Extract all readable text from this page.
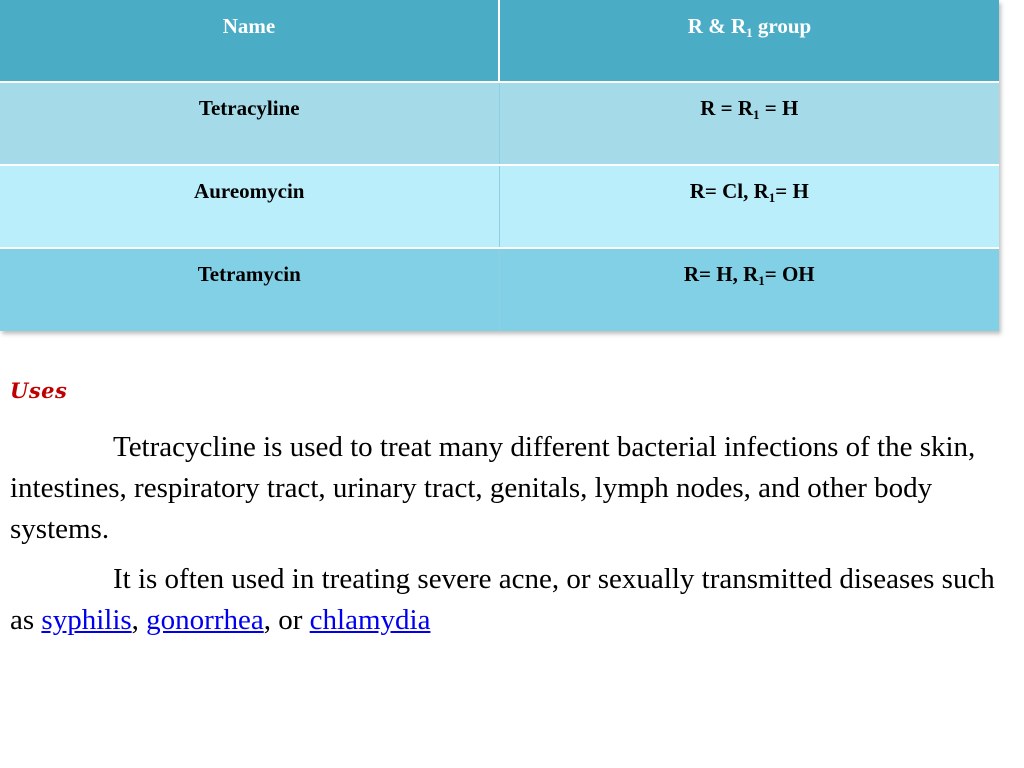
Name	R & $R_1$ group
Tetracyline	$R = R_1 = H$
Aureomycin	R= Cl, $R_1= H$
Tetramycin	R= H, $R_1=$ OH
Uses

Tetracycline is used to treat many different bacterial infections of the skin, intestines, respiratory tract, urinary tract, genitals, lymph nodes, and other body systems.

It is often used in treating severe acne, or sexually transmitted diseases such as syphilis, gonorrhea, or chlamydia
